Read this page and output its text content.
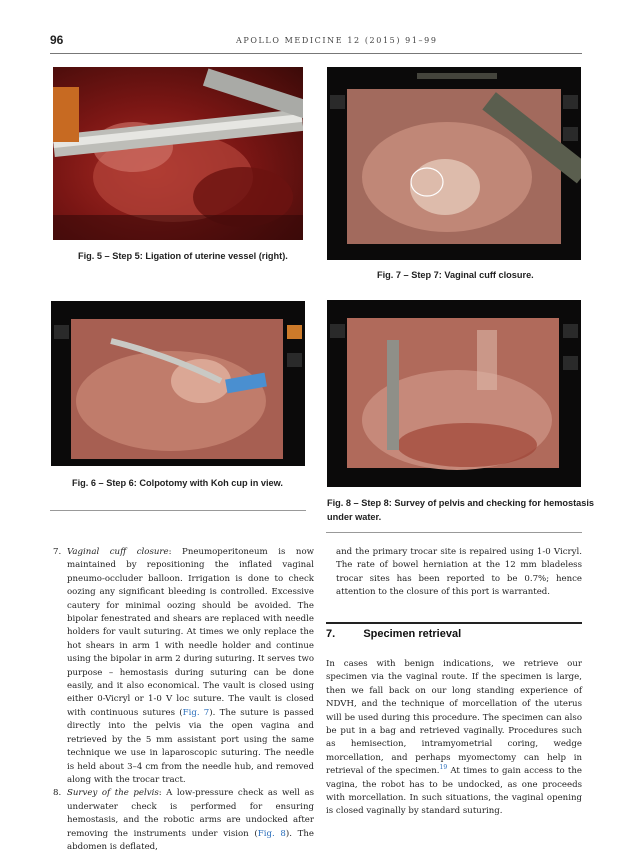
96	APOLLO MEDICINE 12 (2015) 91–99
Fig. 5 – Step 5: Ligation of uterine vessel (right).
Fig. 7 – Step 7: Vaginal cuff closure.
Fig. 6 – Step 6: Colpotomy with Koh cup in view.
Fig. 8 – Step 8: Survey of pelvis and checking for hemostasis
under water.
7. Vaginal cuff closure: Pneumoperitoneum is now maintained by repositioning the inflated vaginal pneumo-occluder balloon. Irrigation is done to check oozing any significant bleeding is controlled. Excessive cautery for minimal oozing should be avoided. The bipolar fenestrated and shears are replaced with needle holders for vault suturing. At times we only replace the hot shears in arm 1 with needle holder and continue using the bipolar in arm 2 during suturing. It serves two purpose – hemostasis during suturing can be done easily, and it also economical. The vault is closed using either 0-Vicryl or 1-0 V loc suture. The vault is closed with continuous sutures (Fig. 7). The suture is passed directly into the pelvis via the open vagina and retrieved by the 5 mm assistant port using the same technique we use in laparoscopic suturing. The needle is held about 3–4 cm from the needle hub, and removed along with the trocar tract.
8. Survey of the pelvis: A low-pressure check as well as underwater check is performed for ensuring hemostasis, and the robotic arms are undocked after removing the instruments under vision (Fig. 8). The abdomen is deflated,
and the primary trocar site is repaired using 1-0 Vicryl. The rate of bowel herniation at the 12 mm bladeless trocar sites has been reported to be 0.7%; hence attention to the closure of this port is warranted.
7.	Specimen retrieval
In cases with benign indications, we retrieve our specimen via the vaginal route. If the specimen is large, then we fall back on our long standing experience of NDVH, and the technique of morcellation of the uterus will be used during this procedure. The specimen can also be put in a bag and retrieved vaginally. Procedures such as hemisection, intramyometrial coring, wedge morcellation, and perhaps myomectomy can help in retrieval of the specimen.$^{19}$ At times to gain access to the vagina, the robot has to be undocked, as one proceeds with morcellation. In such situations, the vaginal opening is closed vaginally by standard suturing.
